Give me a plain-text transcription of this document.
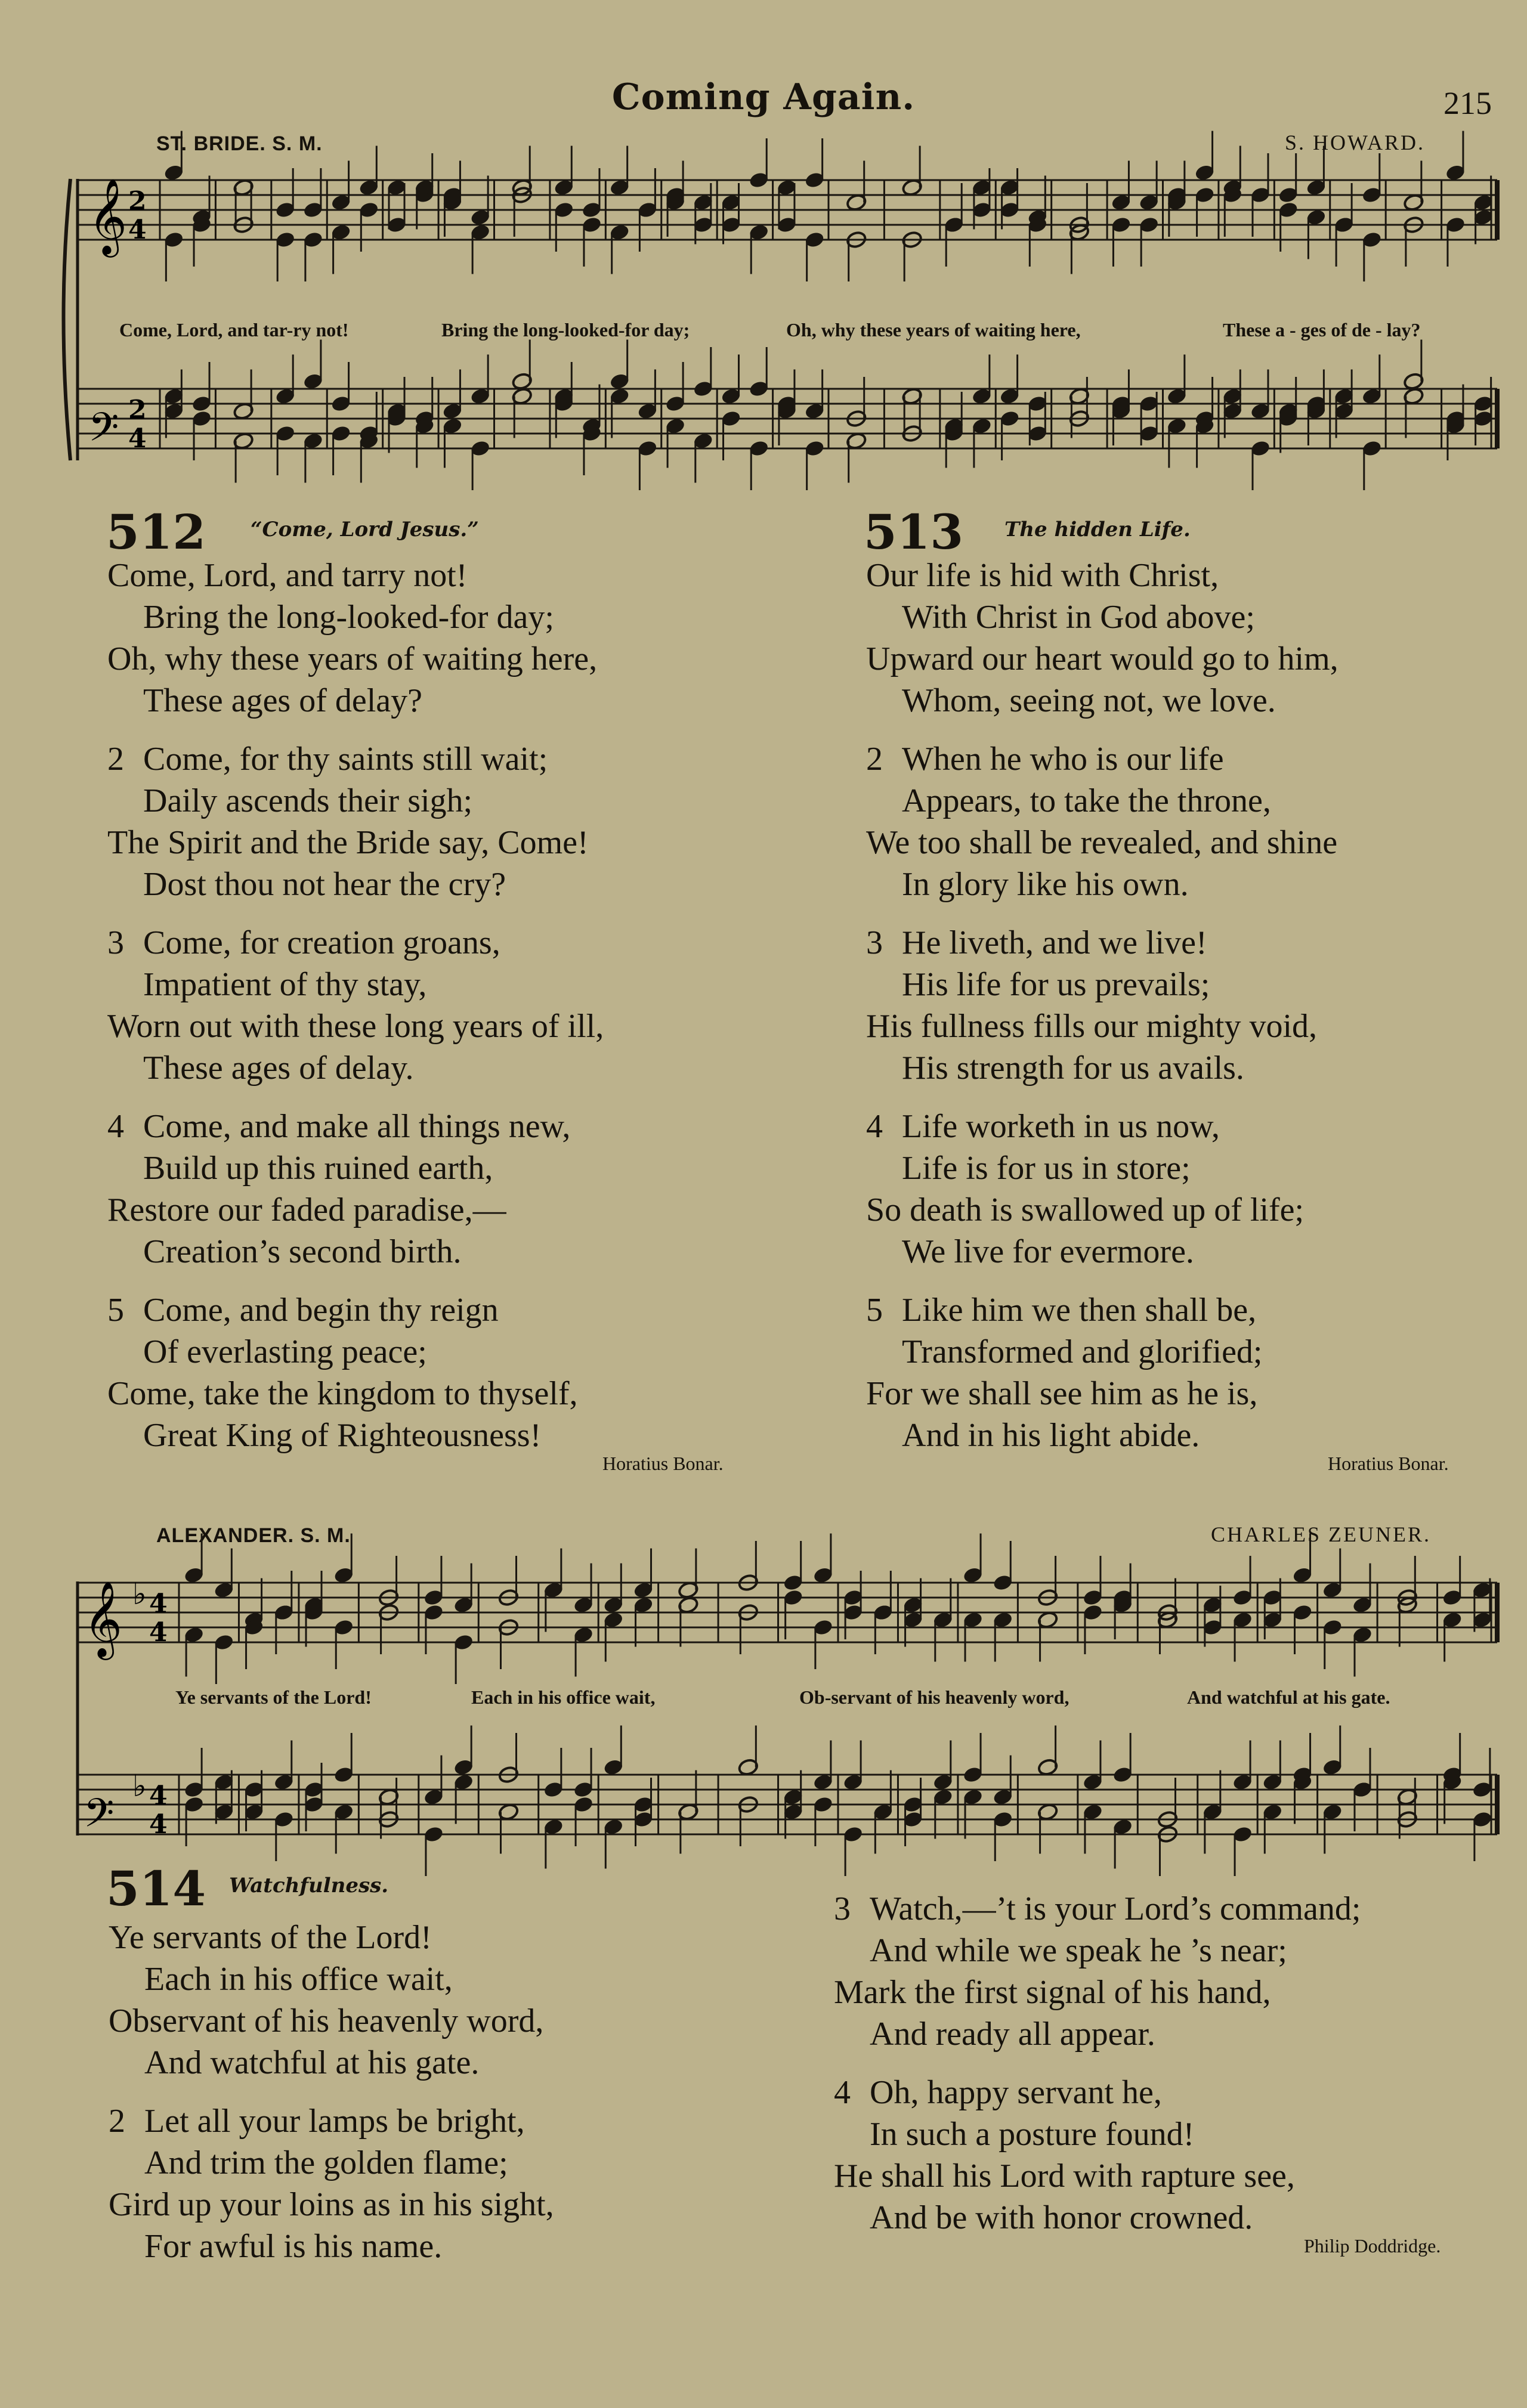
Coming Again.	215
ST. BRIDE. S. M.	S. HOWARD.
𝄞
𝄢
2
4
2
4
Come, Lord, and tar-ry not!	Bring the long-looked-for day;	Oh, why these years of waiting here,	These a - ges of de - lay?
512 “Come, Lord Jesus.”
Come, Lord, and tarry not!
Bring the long-looked-for day;
Oh, why these years of waiting here,
These ages of delay?
2 Come, for thy saints still wait;
Daily ascends their sigh;
The Spirit and the Bride say, Come!
Dost thou not hear the cry?
3 Come, for creation groans,
Impatient of thy stay,
Worn out with these long years of ill,
These ages of delay.
4 Come, and make all things new,
Build up this ruined earth,
Restore our faded paradise,—
Creation’s second birth.
5 Come, and begin thy reign
Of everlasting peace;
Come, take the kingdom to thyself,
Great King of Righteousness!
Horatius Bonar.
513 The hidden Life.
Our life is hid with Christ,
With Christ in God above;
Upward our heart would go to him,
Whom, seeing not, we love.
2 When he who is our life
Appears, to take the throne,
We too shall be revealed, and shine
In glory like his own.
3 He liveth, and we live!
His life for us prevails;
His fullness fills our mighty void,
His strength for us avails.
4 Life worketh in us now,
Life is for us in store;
So death is swallowed up of life;
We live for evermore.
5 Like him we then shall be,
Transformed and glorified;
For we shall see him as he is,
And in his light abide.
Horatius Bonar.
ALEXANDER. S. M.	CHARLES ZEUNER.
𝄞
𝄢
♭
♭
4
4
4
4
Ye servants of the Lord!	Each in his office wait,	Ob-servant of his heavenly word,	And watchful at his gate.
514 Watchfulness.
Ye servants of the Lord!
Each in his office wait,
Observant of his heavenly word,
And watchful at his gate.
2 Let all your lamps be bright,
And trim the golden flame;
Gird up your loins as in his sight,
For awful is his name.
3 Watch,—’t is your Lord’s command;
And while we speak he ’s near;
Mark the first signal of his hand,
And ready all appear.
4 Oh, happy servant he,
In such a posture found!
He shall his Lord with rapture see,
And be with honor crowned.
Philip Doddridge.
